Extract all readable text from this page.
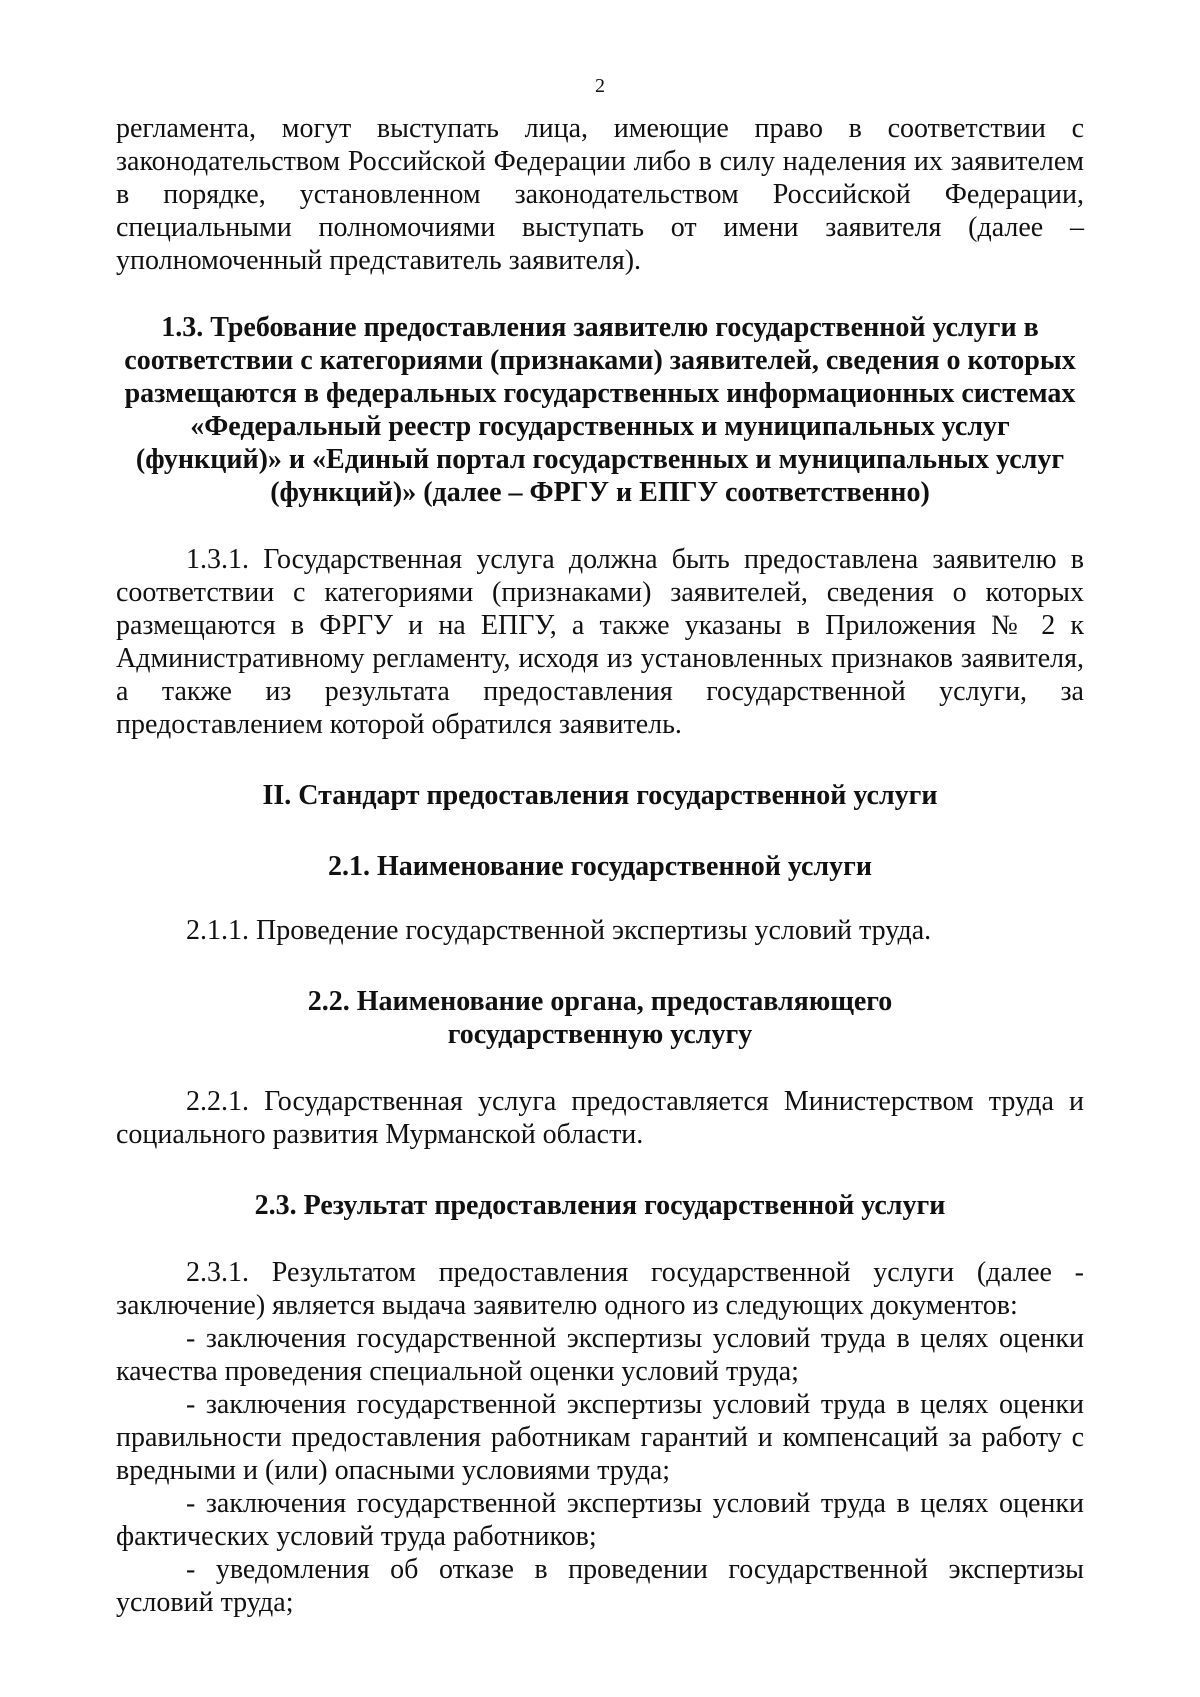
2

регламента, могут выступать лица, имеющие право в соответствии с законодательством Российской Федерации либо в силу наделения их заявителем в порядке, установленном законодательством Российской Федерации, специальными полномочиями выступать от имени заявителя (далее – уполномоченный представитель заявителя).

1.3. Требование предоставления заявителю государственной услуги в соответствии с категориями (признаками) заявителей, сведения о которых размещаются в федеральных государственных информационных системах «Федеральный реестр государственных и муниципальных услуг (функций)» и «Единый портал государственных и муниципальных услуг (функций)» (далее – ФРГУ и ЕПГУ соответственно)

1.3.1. Государственная услуга должна быть предоставлена заявителю в соответствии с категориями (признаками) заявителей, сведения о которых размещаются в ФРГУ и на ЕПГУ, а также указаны в Приложения № 2 к Административному регламенту, исходя из установленных признаков заявителя, а также из результата предоставления государственной услуги, за предоставлением которой обратился заявитель.

II. Стандарт предоставления государственной услуги
2.1. Наименование государственной услуги

2.1.1. Проведение государственной экспертизы условий труда.

2.2. Наименование органа, предоставляющего
государственную услугу

2.2.1. Государственная услуга предоставляется Министерством труда и социального развития Мурманской области.

2.3. Результат предоставления государственной услуги

2.3.1. Результатом предоставления государственной услуги (далее - заключение) является выдача заявителю одного из следующих документов:

- заключения государственной экспертизы условий труда в целях оценки качества проведения специальной оценки условий труда;

- заключения государственной экспертизы условий труда в целях оценки правильности предоставления работникам гарантий и компенсаций за работу с вредными и (или) опасными условиями труда;

- заключения государственной экспертизы условий труда в целях оценки фактических условий труда работников;

- уведомления об отказе в проведении государственной экспертизы условий труда;
